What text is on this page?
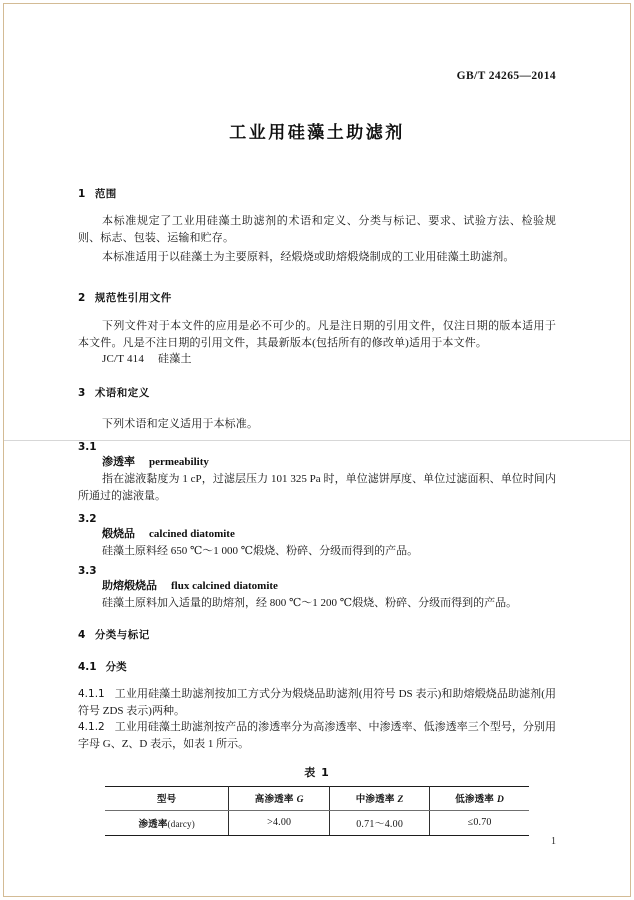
GB/T 24265—2014
工业用硅藻土助滤剂
1 范围

本标准规定了工业用硅藻土助滤剂的术语和定义、分类与标记、要求、试验方法、检验规则、标志、包装、运输和贮存。

本标准适用于以硅藻土为主要原料，经煅烧或助熔煅烧制成的工业用硅藻土助滤剂。

2 规范性引用文件

下列文件对于本文件的应用是必不可少的。凡是注日期的引用文件，仅注日期的版本适用于本文件。凡是不注日期的引用文件，其最新版本(包括所有的修改单)适用于本文件。

JC/T 414 硅藻土
3 术语和定义

下列术语和定义适用于本标准。

3.1
渗透率 permeability
指在滤液黏度为 1 cP，过滤层压力 101 325 Pa 时，单位滤饼厚度、单位过滤面积、单位时间内所通过的滤液量。
3.2
煅烧品 calcined diatomite
硅藻土原料经 650 ℃～1 000 ℃煅烧、粉碎、分级而得到的产品。
3.3
助熔煅烧品 flux calcined diatomite
硅藻土原料加入适量的助熔剂，经 800 ℃～1 200 ℃煅烧、粉碎、分级而得到的产品。
4 分类与标记
4.1 分类
4.1.1 工业用硅藻土助滤剂按加工方式分为煅烧品助滤剂(用符号 DS 表示)和助熔煅烧品助滤剂(用符号 ZDS 表示)两种。
4.1.2 工业用硅藻土助滤剂按产品的渗透率分为高渗透率、中渗透率、低渗透率三个型号，分别用字母 G、Z、D 表示，如表 1 所示。
表 1
型号	高渗透率 G	中渗透率 Z	低渗透率 D
渗透率(darcy)	>4.00	0.71～4.00	≤0.70
1
